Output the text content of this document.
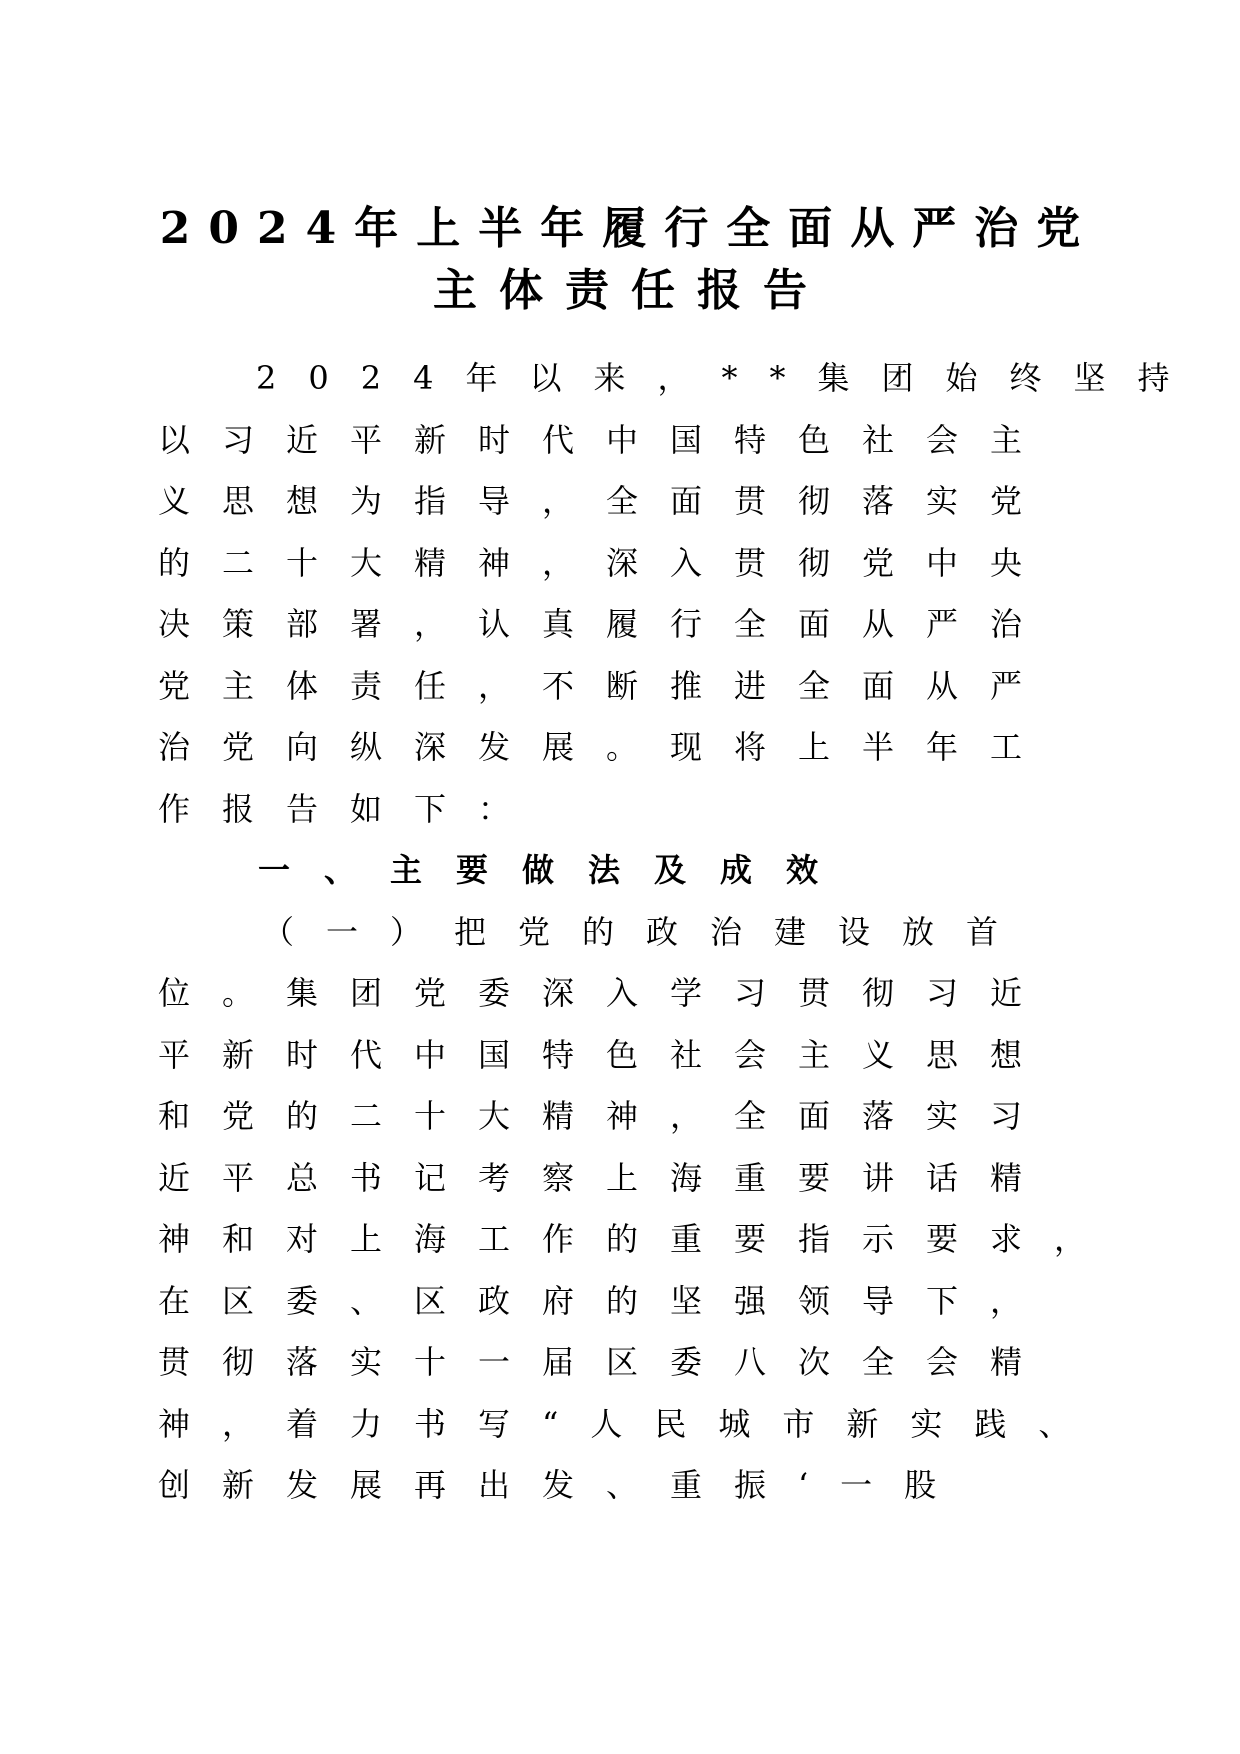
2024年上半年履行全面从严治党
主体责任报告

2024年以来，**集团始终坚持

以习近平新时代中国特色社会主

义思想为指导，全面贯彻落实党

的二十大精神，深入贯彻党中央

决策部署，认真履行全面从严治

党主体责任，不断推进全面从严

治党向纵深发展。现将上半年工

作报告如下：

一、主要做法及成效

（一）把党的政治建设放首

位。集团党委深入学习贯彻习近

平新时代中国特色社会主义思想

和党的二十大精神，全面落实习

近平总书记考察上海重要讲话精

神和对上海工作的重要指示要求，

在区委、区政府的坚强领导下，

贯彻落实十一届区委八次全会精

神，着力书写“人民城市新实践、

创新发展再出发、重振‘一股
